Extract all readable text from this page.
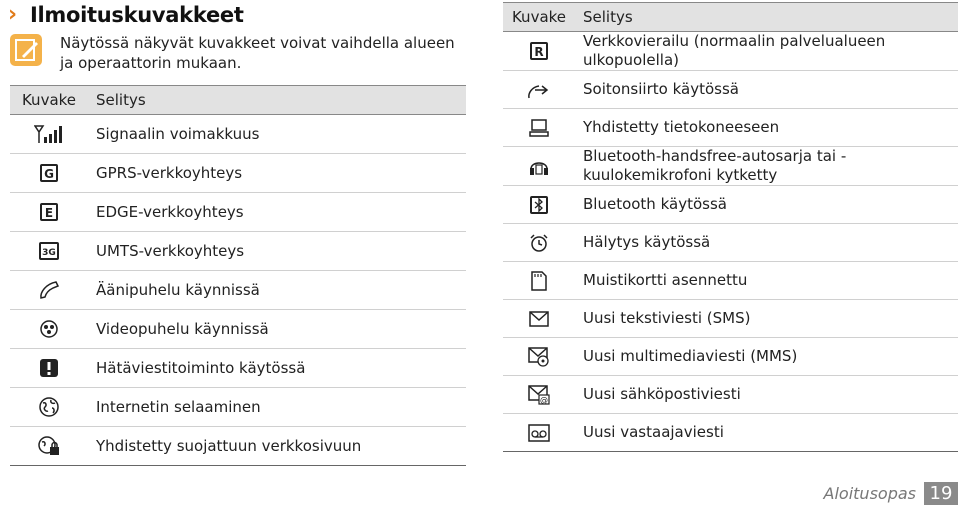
› Ilmoituskuvakkeet
Näytössä näkyvät kuvakkeet voivat vaihdella alueen ja operaattorin mukaan.
Kuvake	Selitys

	Signaalin voimakkuus

G	GPRS-verkkoyhteys

E	EDGE-verkkoyhteys

3G	UMTS-verkkoyhteys

	Äänipuhelu käynnissä

	Videopuhelu käynnissä

	Hätäviestitoiminto käytössä

	Internetin selaaminen

	Yhdistetty suojattuun verkkosivuun
Kuvake	Selitys

R	Verkkovierailu (normaalin palvelualueen ulkopuolella)

	Soitonsiirto käytössä

	Yhdistetty tietokoneeseen

	Bluetooth-handsfree-autosarja tai -kuulokemikrofoni kytketty

	Bluetooth käytössä

	Hälytys käytössä

	Muistikortti asennettu

	Uusi tekstiviesti (SMS)

	Uusi multimediaviesti (MMS)

@	Uusi sähköpostiviesti

	Uusi vastaajaviesti
Aloitusopas 19
